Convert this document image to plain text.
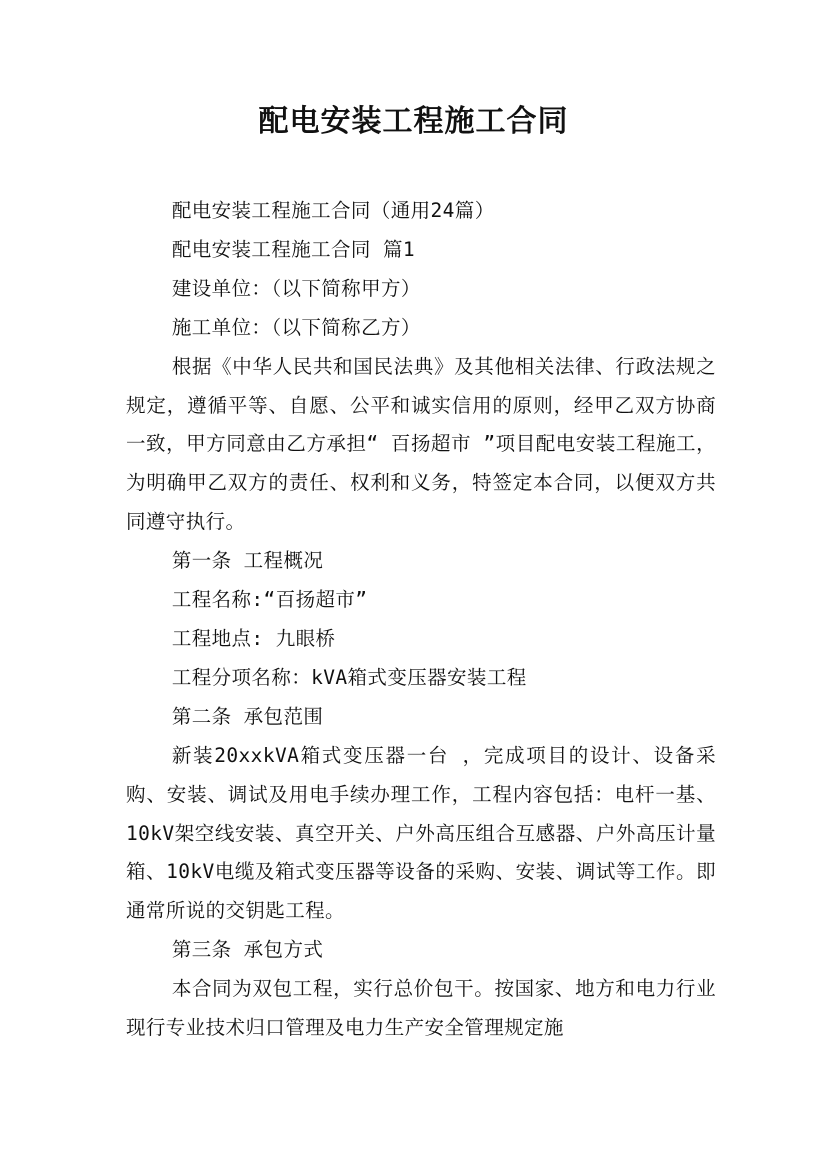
配电安装工程施工合同

配电安装工程施工合同（通用24篇）

配电安装工程施工合同 篇1

建设单位：（以下简称甲方）

施工单位：（以下简称乙方）

根据《中华人民共和国民法典》及其他相关法律、行政法规之规定，遵循平等、自愿、公平和诚实信用的原则，经甲乙双方协商一致，甲方同意由乙方承担“ 百扬超市 ”项目配电安装工程施工，为明确甲乙双方的责任、权利和义务，特签定本合同，以便双方共同遵守执行。

第一条 工程概况

工程名称:“百扬超市”

工程地点: 九眼桥

工程分项名称：kVA箱式变压器安装工程

第二条 承包范围

新装20xxkVA箱式变压器一台 ，完成项目的设计、设备采购、安装、调试及用电手续办理工作，工程内容包括：电杆一基、10kV架空线安装、真空开关、户外高压组合互感器、户外高压计量箱、10kV电缆及箱式变压器等设备的采购、安装、调试等工作。即通常所说的交钥匙工程。

第三条 承包方式

本合同为双包工程，实行总价包干。按国家、地方和电力行业现行专业技术归口管理及电力生产安全管理规定施
